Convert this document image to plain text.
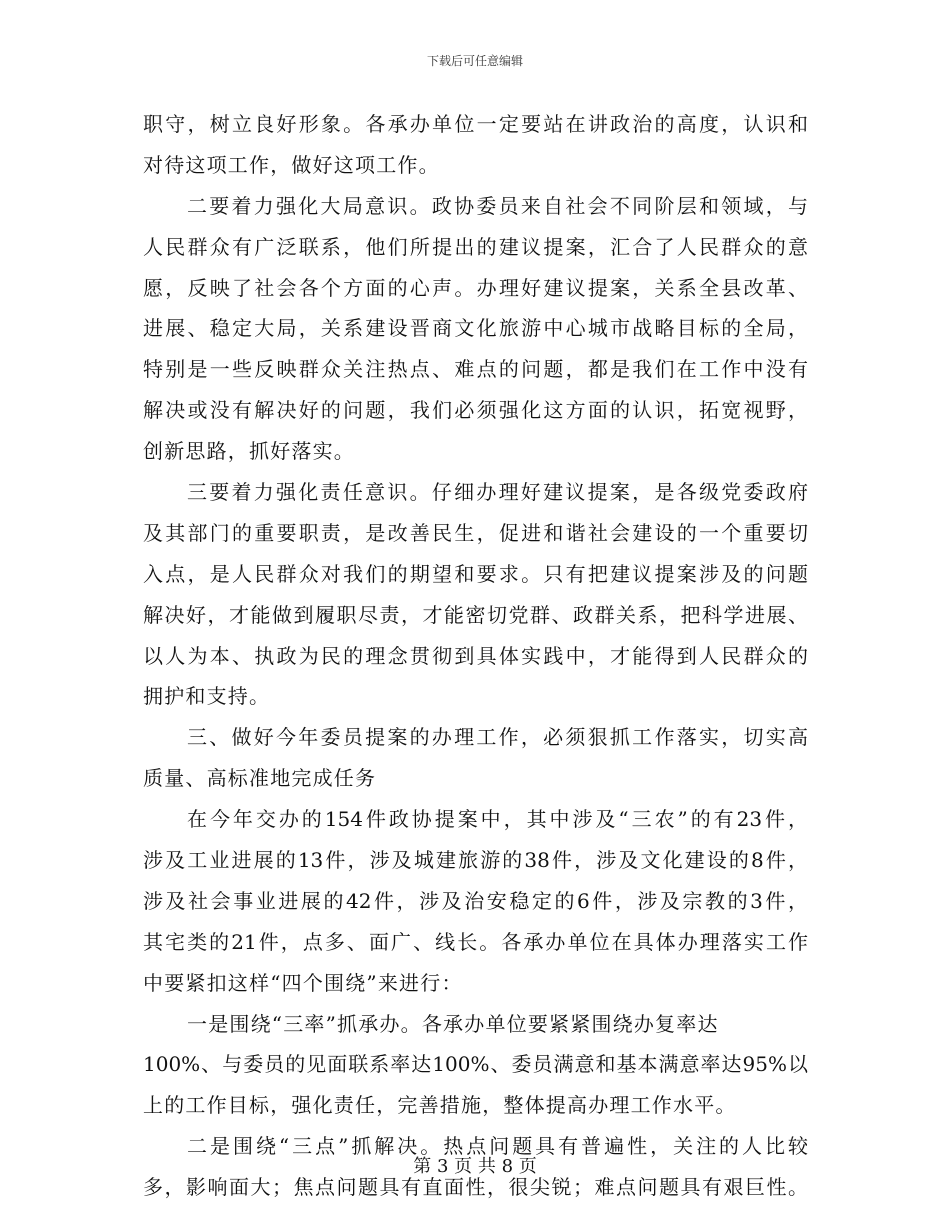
下载后可任意编辑
职守，树立良好形象。各承办单位一定要站在讲政治的高度，认识和
对待这项工作，做好这项工作。
二要着力强化大局意识。政协委员来自社会不同阶层和领域，与
人民群众有广泛联系，他们所提出的建议提案，汇合了人民群众的意
愿，反映了社会各个方面的心声。办理好建议提案，关系全县改革、
进展、稳定大局，关系建设晋商文化旅游中心城市战略目标的全局，
特别是一些反映群众关注热点、难点的问题，都是我们在工作中没有
解决或没有解决好的问题，我们必须强化这方面的认识，拓宽视野，
创新思路，抓好落实。
三要着力强化责任意识。仔细办理好建议提案，是各级党委政府
及其部门的重要职责，是改善民生，促进和谐社会建设的一个重要切
入点，是人民群众对我们的期望和要求。只有把建议提案涉及的问题
解决好，才能做到履职尽责，才能密切党群、政群关系，把科学进展、
以人为本、执政为民的理念贯彻到具体实践中，才能得到人民群众的
拥护和支持。
三、做好今年委员提案的办理工作，必须狠抓工作落实，切实高
质量、高标准地完成任务
在今年交办的154件政协提案中，其中涉及“三农”的有23件，
涉及工业进展的13件，涉及城建旅游的38件，涉及文化建设的8件，
涉及社会事业进展的42件，涉及治安稳定的6件，涉及宗教的3件，
其宅类的21件，点多、面广、线长。各承办单位在具体办理落实工作
中要紧扣这样“四个围绕”来进行：
一是围绕“三率”抓承办。各承办单位要紧紧围绕办复率达
100%、与委员的见面联系率达100%、委员满意和基本满意率达95%以
上的工作目标，强化责任，完善措施，整体提高办理工作水平。
二是围绕“三点”抓解决。热点问题具有普遍性，关注的人比较
多，影响面大；焦点问题具有直面性，很尖锐；难点问题具有艰巨性。
第 3 页 共 8 页
